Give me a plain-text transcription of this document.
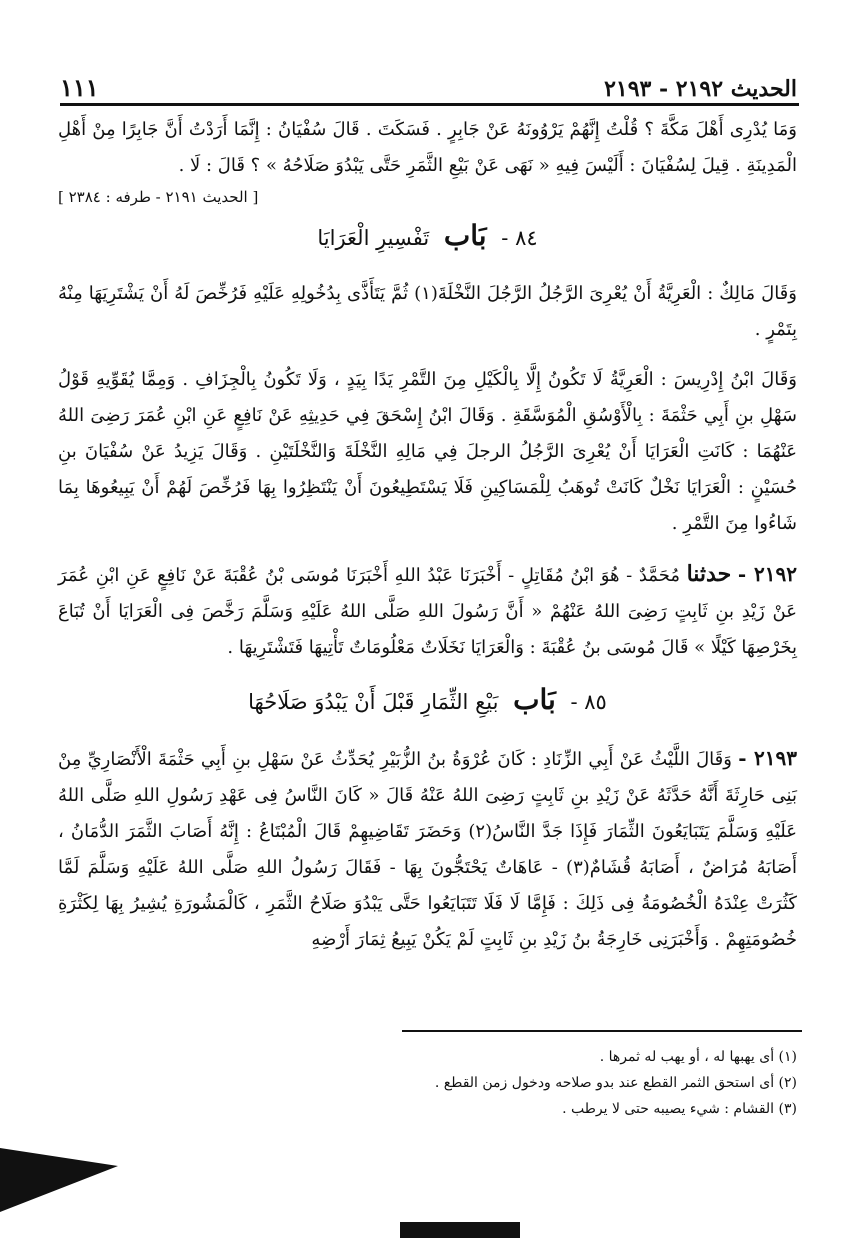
الحديث ٢١٩٢ - ٢١٩٣
١١١

وَمَا يُدْرِى أَهْلَ مَكَّةَ ؟ قُلْتُ إِنَّهُمْ يَرْوُونَهُ عَنْ جَابِرٍ . فَسَكَتَ . قَالَ سُفْيَانُ : إِنَّمَا أَرَدْتُ أَنَّ جَابِرًا مِنْ أَهْلِ الْمَدِينَةِ . قِيلَ لِسُفْيَانَ : أَلَيْسَ فِيهِ « نَهَى عَنْ بَيْعِ الثَّمَرِ حَتَّى يَبْدُوَ صَلَاحُهُ » ؟ قَالَ : لَا .

[ الحديث ٢١٩١ - طرفه : ٢٣٨٤ ]

٨٤ - بَاب تَفْسِيرِ الْعَرَايَا

وَقَالَ مَالِكٌ : الْعَرِيَّةُ أَنْ يُعْرِىَ الرَّجُلُ الرَّجُلَ النَّخْلَةَ(١) ثُمَّ يَتَأَذَّى بِدُخُولِهِ عَلَيْهِ فَرُخِّصَ لَهُ أَنْ يَشْتَرِيَهَا مِنْهُ بِتَمْرٍ .

وَقَالَ ابْنُ إِدْرِيسَ : الْعَرِيَّةُ لَا تَكُونُ إِلَّا بِالْكَيْلِ مِنَ التَّمْرِ يَدًا بِيَدٍ ، وَلَا تَكُونُ بِالْجِزَافِ . وَمِمَّا يُقَوِّيهِ قَوْلُ سَهْلِ بنِ أَبِي حَثْمَةَ : بِالْأَوْسُقِ الْمُوَسَّقَةِ . وَقَالَ ابْنُ إِسْحَقَ فِي حَدِيثِهِ عَنْ نَافِعٍ عَنِ ابْنِ عُمَرَ رَضِىَ اللهُ عَنْهُمَا : كَانَتِ الْعَرَايَا أَنْ يُعْرِىَ الرَّجُلُ الرجلَ فِي مَالِهِ النَّخْلَةَ وَالنَّخْلَتَيْنِ . وَقَالَ يَزِيدُ عَنْ سُفْيَانَ بنِ حُسَيْنٍ : الْعَرَايَا نَخْلٌ كَانَتْ تُوهَبُ لِلْمَسَاكِينِ فَلَا يَسْتَطِيعُونَ أَنْ يَنْتَظِرُوا بِهَا فَرُخِّصَ لَهُمْ أَنْ يَبِيعُوهَا بِمَا شَاءُوا مِنَ التَّمْرِ .

٢١٩٢ - حدثنا مُحَمَّدٌ - هُوَ ابْنُ مُقَاتِلٍ - أَخْبَرَنَا عَبْدُ اللهِ أَخْبَرَنَا مُوسَى بْنُ عُقْبَةَ عَنْ نَافِعٍ عَنِ ابْنِ عُمَرَ عَنْ زَيْدِ بنِ ثَابِتٍ رَضِىَ اللهُ عَنْهُمْ « أَنَّ رَسُولَ اللهِ صَلَّى اللهُ عَلَيْهِ وَسَلَّمَ رَخَّصَ فِى الْعَرَايَا أَنْ تُبَاعَ بِخَرْصِهَا كَيْلًا » قَالَ مُوسَى بنُ عُقْبَةَ : وَالْعَرَايَا نَخَلَاتٌ مَعْلُومَاتٌ تَأْتِيهَا فَتَشْتَرِيهَا .

٨٥ - بَاب بَيْعِ الثِّمَارِ قَبْلَ أَنْ يَبْدُوَ صَلَاحُهَا

٢١٩٣ - وَقَالَ اللَّيْثُ عَنْ أَبِي الزِّنَادِ : كَانَ عُرْوَةُ بنُ الزُّبَيْرِ يُحَدِّثُ عَنْ سَهْلِ بنِ أَبِي حَثْمَةَ الْأَنْصَارِيِّ مِنْ بَنِى حَارِثَةَ أَنَّهُ حَدَّثَهُ عَنْ زَيْدِ بنِ ثَابِتٍ رَضِىَ اللهُ عَنْهُ قَالَ « كَانَ النَّاسُ فِى عَهْدِ رَسُولِ اللهِ صَلَّى اللهُ عَلَيْهِ وَسَلَّمَ يَتَبَايَعُونَ الثِّمَارَ فَإِذَا جَدَّ النَّاسُ(٢) وَحَضَرَ تَقَاضِيهِمْ قَالَ الْمُبْتَاعُ : إِنَّهُ أَصَابَ الثَّمَرَ الدُّمَانُ ، أَصَابَهُ مُرَاضٌ ، أَصَابَهُ قُشَامٌ(٣) - عَاهَاتٌ يَحْتَجُّونَ بِهَا - فَقَالَ رَسُولُ اللهِ صَلَّى اللهُ عَلَيْهِ وَسَلَّمَ لَمَّا كَثُرَتْ عِنْدَهُ الْخُصُومَةُ فِى ذَلِكَ : فَإِمَّا لَا فَلَا تَتَبَايَعُوا حَتَّى يَبْدُوَ صَلَاحُ الثَّمَرِ ، كَالْمَشُورَةِ يُشِيرُ بِهَا لِكَثْرَةِ خُصُومَتِهِمْ . وَأَخْبَرَنِى خَارِجَةُ بنُ زَيْدِ بنِ ثَابِتٍ لَمْ يَكُنْ يَبِيعُ ثِمَارَ أَرْضِهِ

(١) أى يهبها له ، أو يهب له ثمرها .
(٢) أى استحق الثمر القطع عند بدو صلاحه ودخول زمن القطع .
(٣) القشام : شيء يصيبه حتى لا يرطب .
